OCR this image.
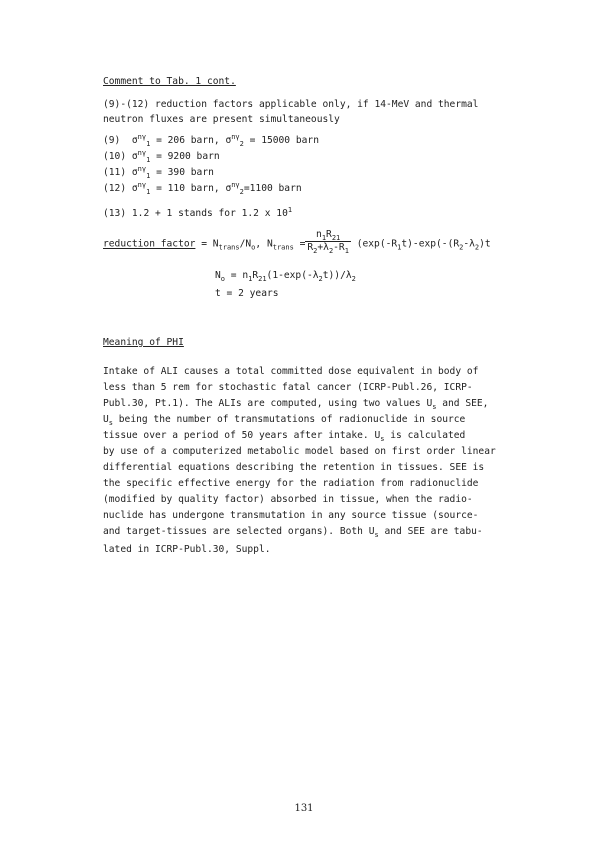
Comment to Tab. 1 cont.
(9)-(12) reduction factors applicable only, if 14-MeV and thermal
neutron fluxes are present simultaneously
(9) $\sigma^{n\gamma}_1 = 206$ barn, $\sigma^{n\gamma}_2 = 15000$ barn
(10) $\sigma^{n\gamma}_1 = 9200$ barn
(11) $\sigma^{n\gamma}_1 = 390$ barn
(12) $\sigma^{n\gamma}_1 = 110$ barn, $\sigma^{n\gamma}_2=1100$ barn
(13) 1.2 + 1 stands for 1.2 x $10^1$
reduction factor = $N_{trans}/N_o$, $N_{trans} = \frac{n_1R_{21}}{R_2+\lambda_2-R_1} (\exp(-R_1t)-\exp(-(R_2-\lambda_2)t$
$N_o = n_1R_{21}(1-\exp(-\lambda_2t))/\lambda_2$
t = 2 years
Meaning of PHI
Intake of ALI causes a total committed dose equivalent in body of
less than 5 rem for stochastic fatal cancer (ICRP-Publ.26, ICRP-
Publ.30, Pt.1). The ALIs are computed, using two values $U_s$ and SEE,
$U_s$ being the number of transmutations of radionuclide in source
tissue over a period of 50 years after intake. $U_s$ is calculated
by use of a computerized metabolic model based on first order linear
differential equations describing the retention in tissues. SEE is
the specific effective energy for the radiation from radionuclide
(modified by quality factor) absorbed in tissue, when the radio-
nuclide has undergone transmutation in any source tissue (source-
and target-tissues are selected organs). Both $U_s$ and SEE are tabu-
lated in ICRP-Publ.30, Suppl.
131
